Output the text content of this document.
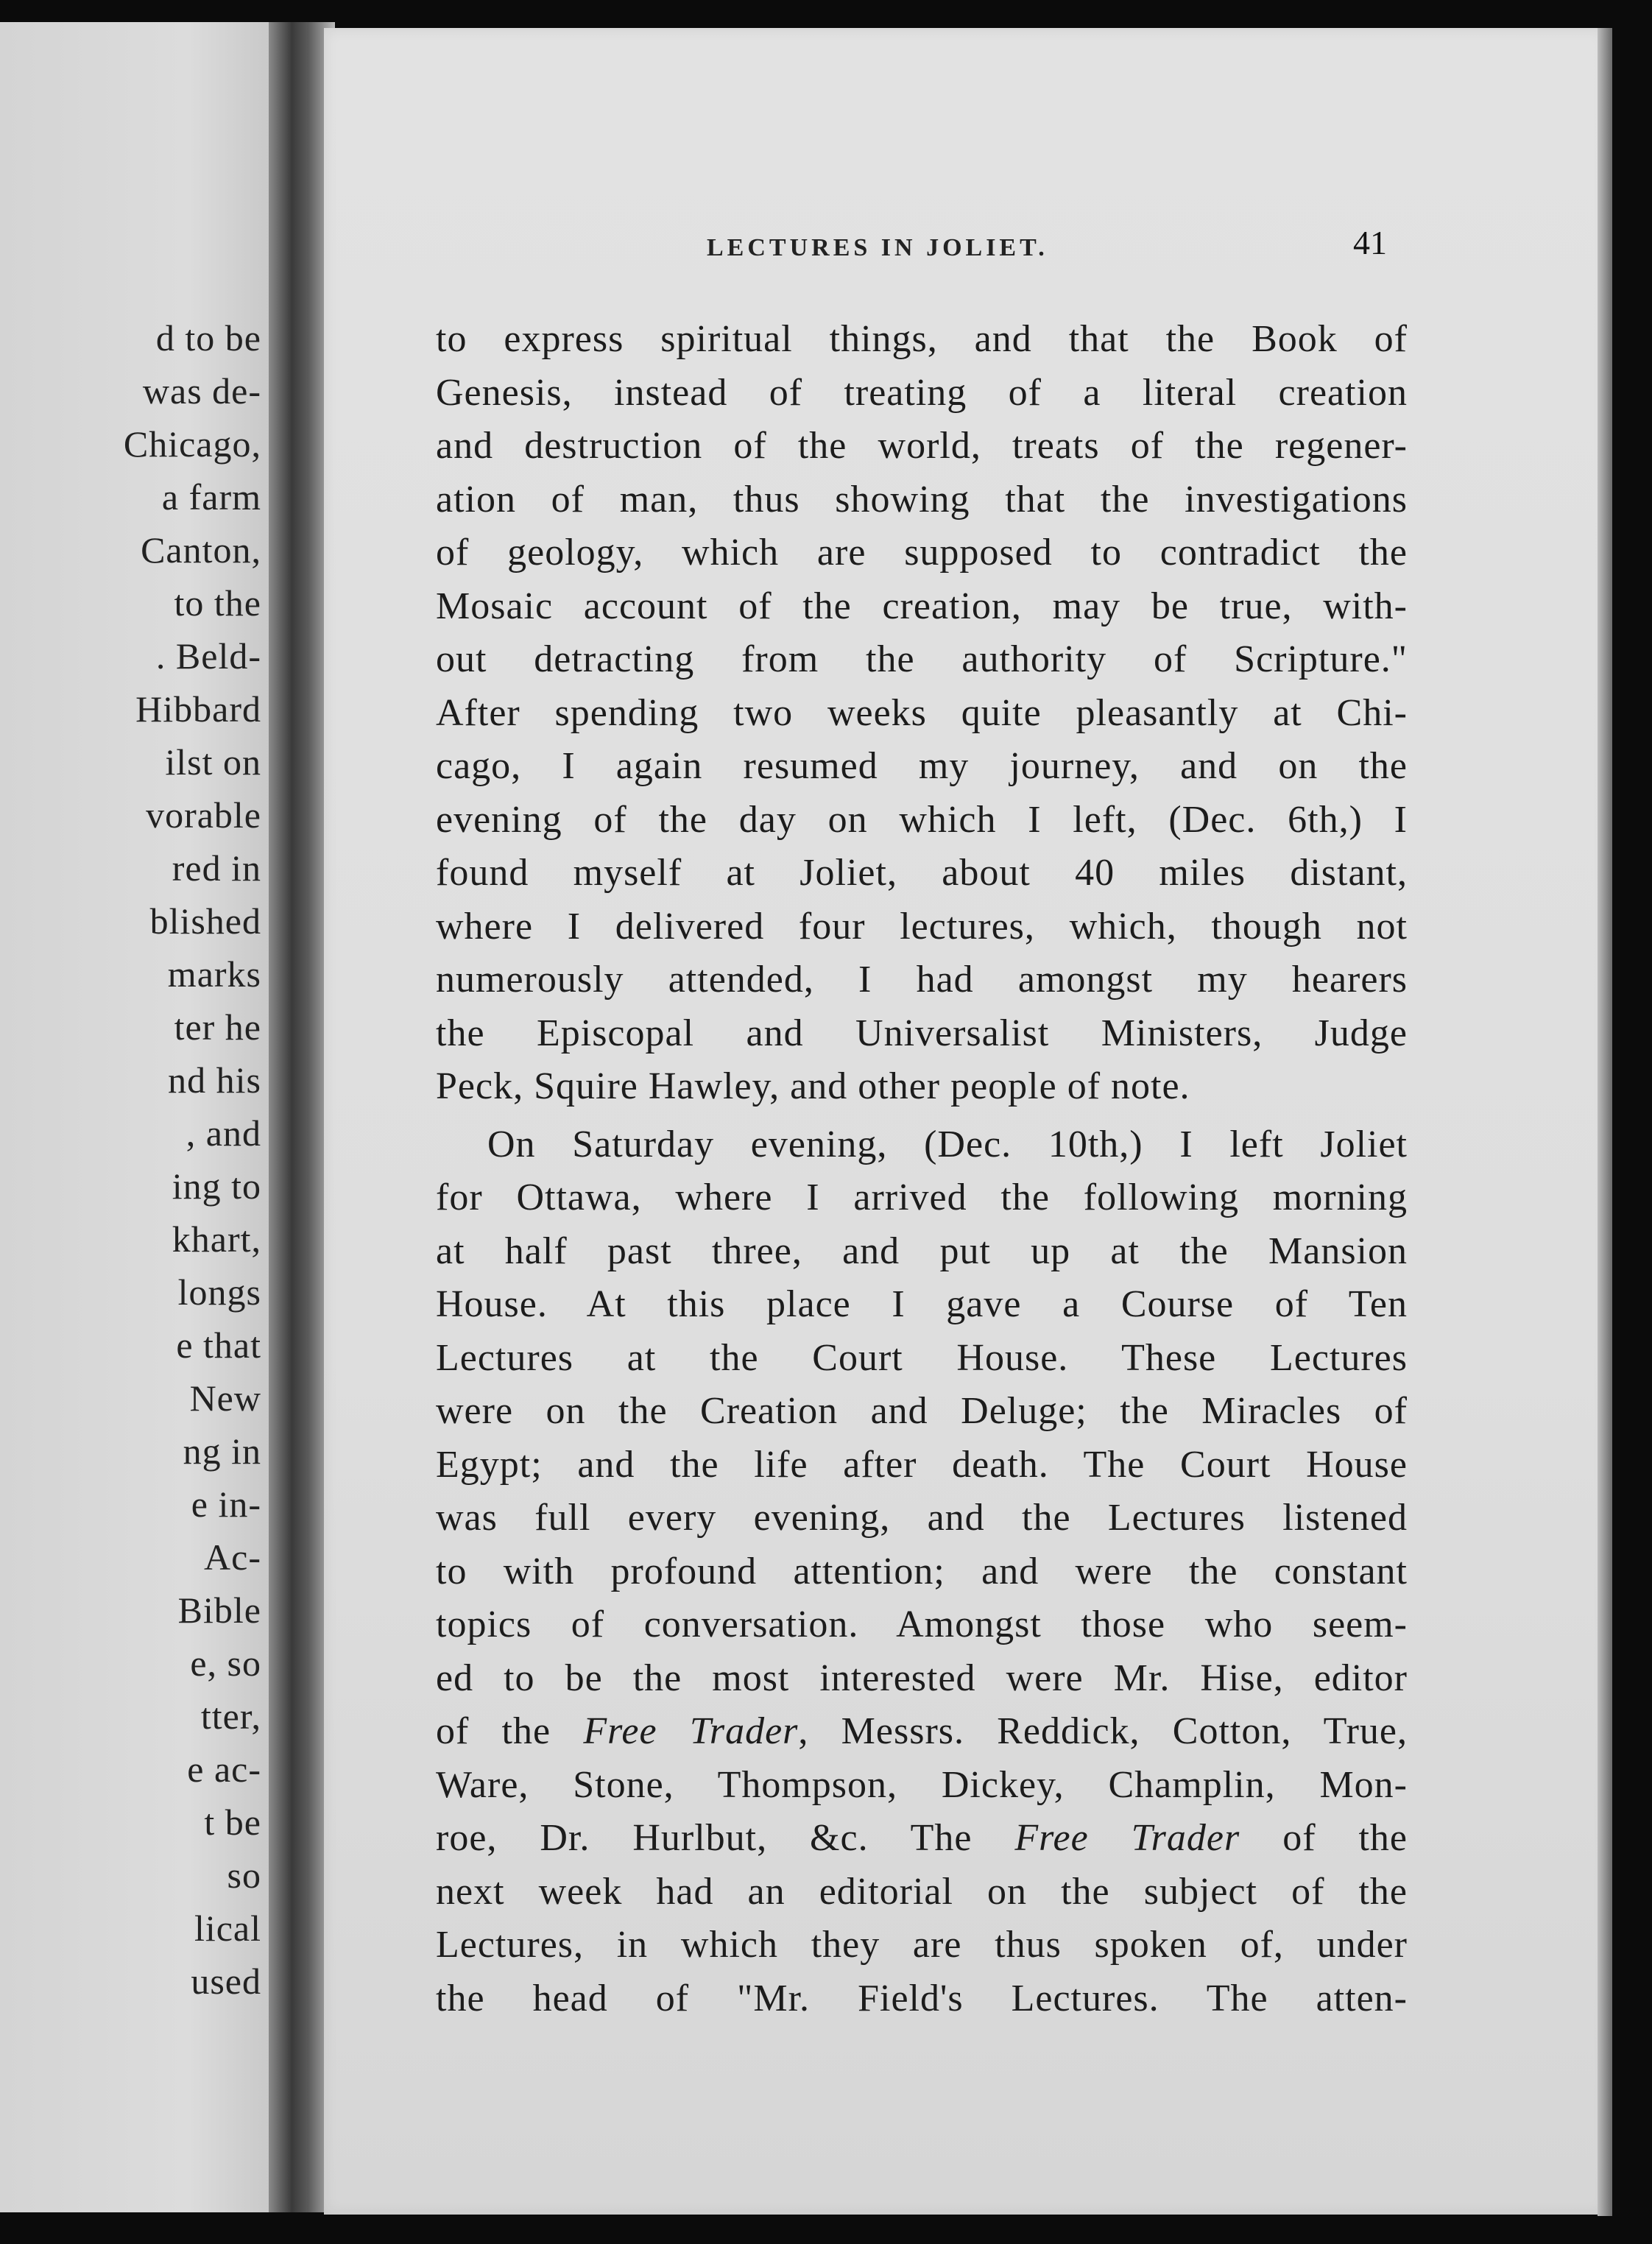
d to be
was de-
Chicago,
a farm
Canton,
to the
. Beld-
Hibbard
ilst on
vorable
red in
blished
marks
ter he
nd his
, and
ing to
khart,
longs
e that
New
ng in
e in-
Ac-
Bible
e, so
tter,
e ac-
t be
so
lical
used
LECTURES IN JOLIET.	41
to express spiritual things, and that the Book of
Genesis, instead of treating of a literal creation
and destruction of the world, treats of the regener-
ation of man, thus showing that the investigations
of geology, which are supposed to contradict the
Mosaic account of the creation, may be true, with-
out detracting from the authority of Scripture."
After spending two weeks quite pleasantly at Chi-
cago, I again resumed my journey, and on the
evening of the day on which I left, (Dec. 6th,) I
found myself at Joliet, about 40 miles distant,
where I delivered four lectures, which, though not
numerously attended, I had amongst my hearers
the Episcopal and Universalist Ministers, Judge
Peck, Squire Hawley, and other people of note.
On Saturday evening, (Dec. 10th,) I left Joliet
for Ottawa, where I arrived the following morning
at half past three, and put up at the Mansion
House. At this place I gave a Course of Ten
Lectures at the Court House. These Lectures
were on the Creation and Deluge; the Miracles of
Egypt; and the life after death. The Court House
was full every evening, and the Lectures listened
to with profound attention; and were the constant
topics of conversation. Amongst those who seem-
ed to be the most interested were Mr. Hise, editor
of the Free Trader, Messrs. Reddick, Cotton, True,
Ware, Stone, Thompson, Dickey, Champlin, Mon-
roe, Dr. Hurlbut, &c. The Free Trader of the
next week had an editorial on the subject of the
Lectures, in which they are thus spoken of, under
the head of "Mr. Field's Lectures. The atten-
